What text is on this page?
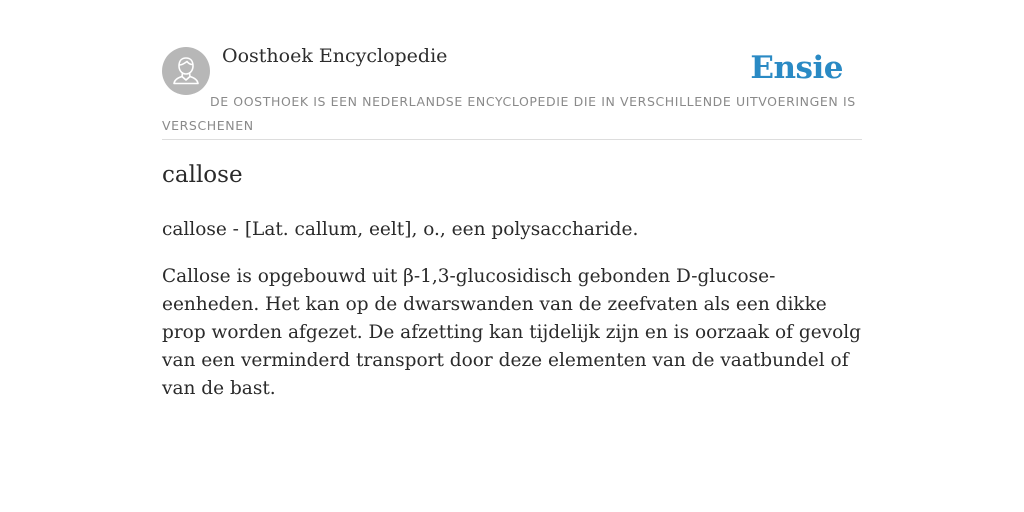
Oosthoek Encyclopedie	Ensie

DE OOSTHOEK IS EEN NEDERLANDSE ENCYCLOPEDIE DIE IN VERSCHILLENDE UITVOERINGEN IS VERSCHENEN

callose

callose - [Lat. callum, eelt], o., een polysaccharide.

Callose is opgebouwd uit β-1,3-glucosidisch gebonden D-glucose-eenheden. Het kan op de dwarswanden van de zeefvaten als een dikke prop worden afgezet. De afzetting kan tijdelijk zijn en is oorzaak of gevolg van een verminderd transport door deze elementen van de vaatbundel of van de bast.
